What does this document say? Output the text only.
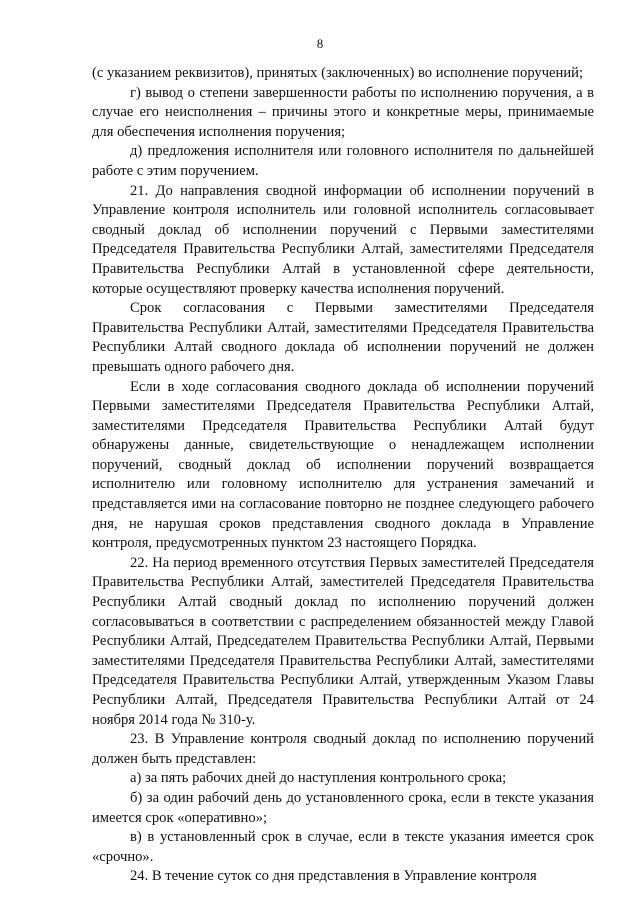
8

(с указанием реквизитов), принятых (заключенных) во исполнение поручений;

г) вывод о степени завершенности работы по исполнению поручения, а в случае его неисполнения – причины этого и конкретные меры, принимаемые для обеспечения исполнения поручения;

д) предложения исполнителя или головного исполнителя по дальнейшей работе с этим поручением.

21. До направления сводной информации об исполнении поручений в Управление контроля исполнитель или головной исполнитель согласовывает сводный доклад об исполнении поручений с Первыми заместителями Председателя Правительства Республики Алтай, заместителями Председателя Правительства Республики Алтай в установленной сфере деятельности, которые осуществляют проверку качества исполнения поручений.

Срок согласования с Первыми заместителями Председателя Правительства Республики Алтай, заместителями Председателя Правительства Республики Алтай сводного доклада об исполнении поручений не должен превышать одного рабочего дня.

Если в ходе согласования сводного доклада об исполнении поручений Первыми заместителями Председателя Правительства Республики Алтай, заместителями Председателя Правительства Республики Алтай будут обнаружены данные, свидетельствующие о ненадлежащем исполнении поручений, сводный доклад об исполнении поручений возвращается исполнителю или головному исполнителю для устранения замечаний и представляется ими на согласование повторно не позднее следующего рабочего дня, не нарушая сроков представления сводного доклада в Управление контроля, предусмотренных пунктом 23 настоящего Порядка.

22. На период временного отсутствия Первых заместителей Председателя Правительства Республики Алтай, заместителей Председателя Правительства Республики Алтай сводный доклад по исполнению поручений должен согласовываться в соответствии с распределением обязанностей между Главой Республики Алтай, Председателем Правительства Республики Алтай, Первыми заместителями Председателя Правительства Республики Алтай, заместителями Председателя Правительства Республики Алтай, утвержденным Указом Главы Республики Алтай, Председателя Правительства Республики Алтай от 24 ноября 2014 года № 310-у.

23. В Управление контроля сводный доклад по исполнению поручений должен быть представлен:

а) за пять рабочих дней до наступления контрольного срока;

б) за один рабочий день до установленного срока, если в тексте указания имеется срок «оперативно»;

в) в установленный срок в случае, если в тексте указания имеется срок «срочно».

24. В течение суток со дня представления в Управление контроля
